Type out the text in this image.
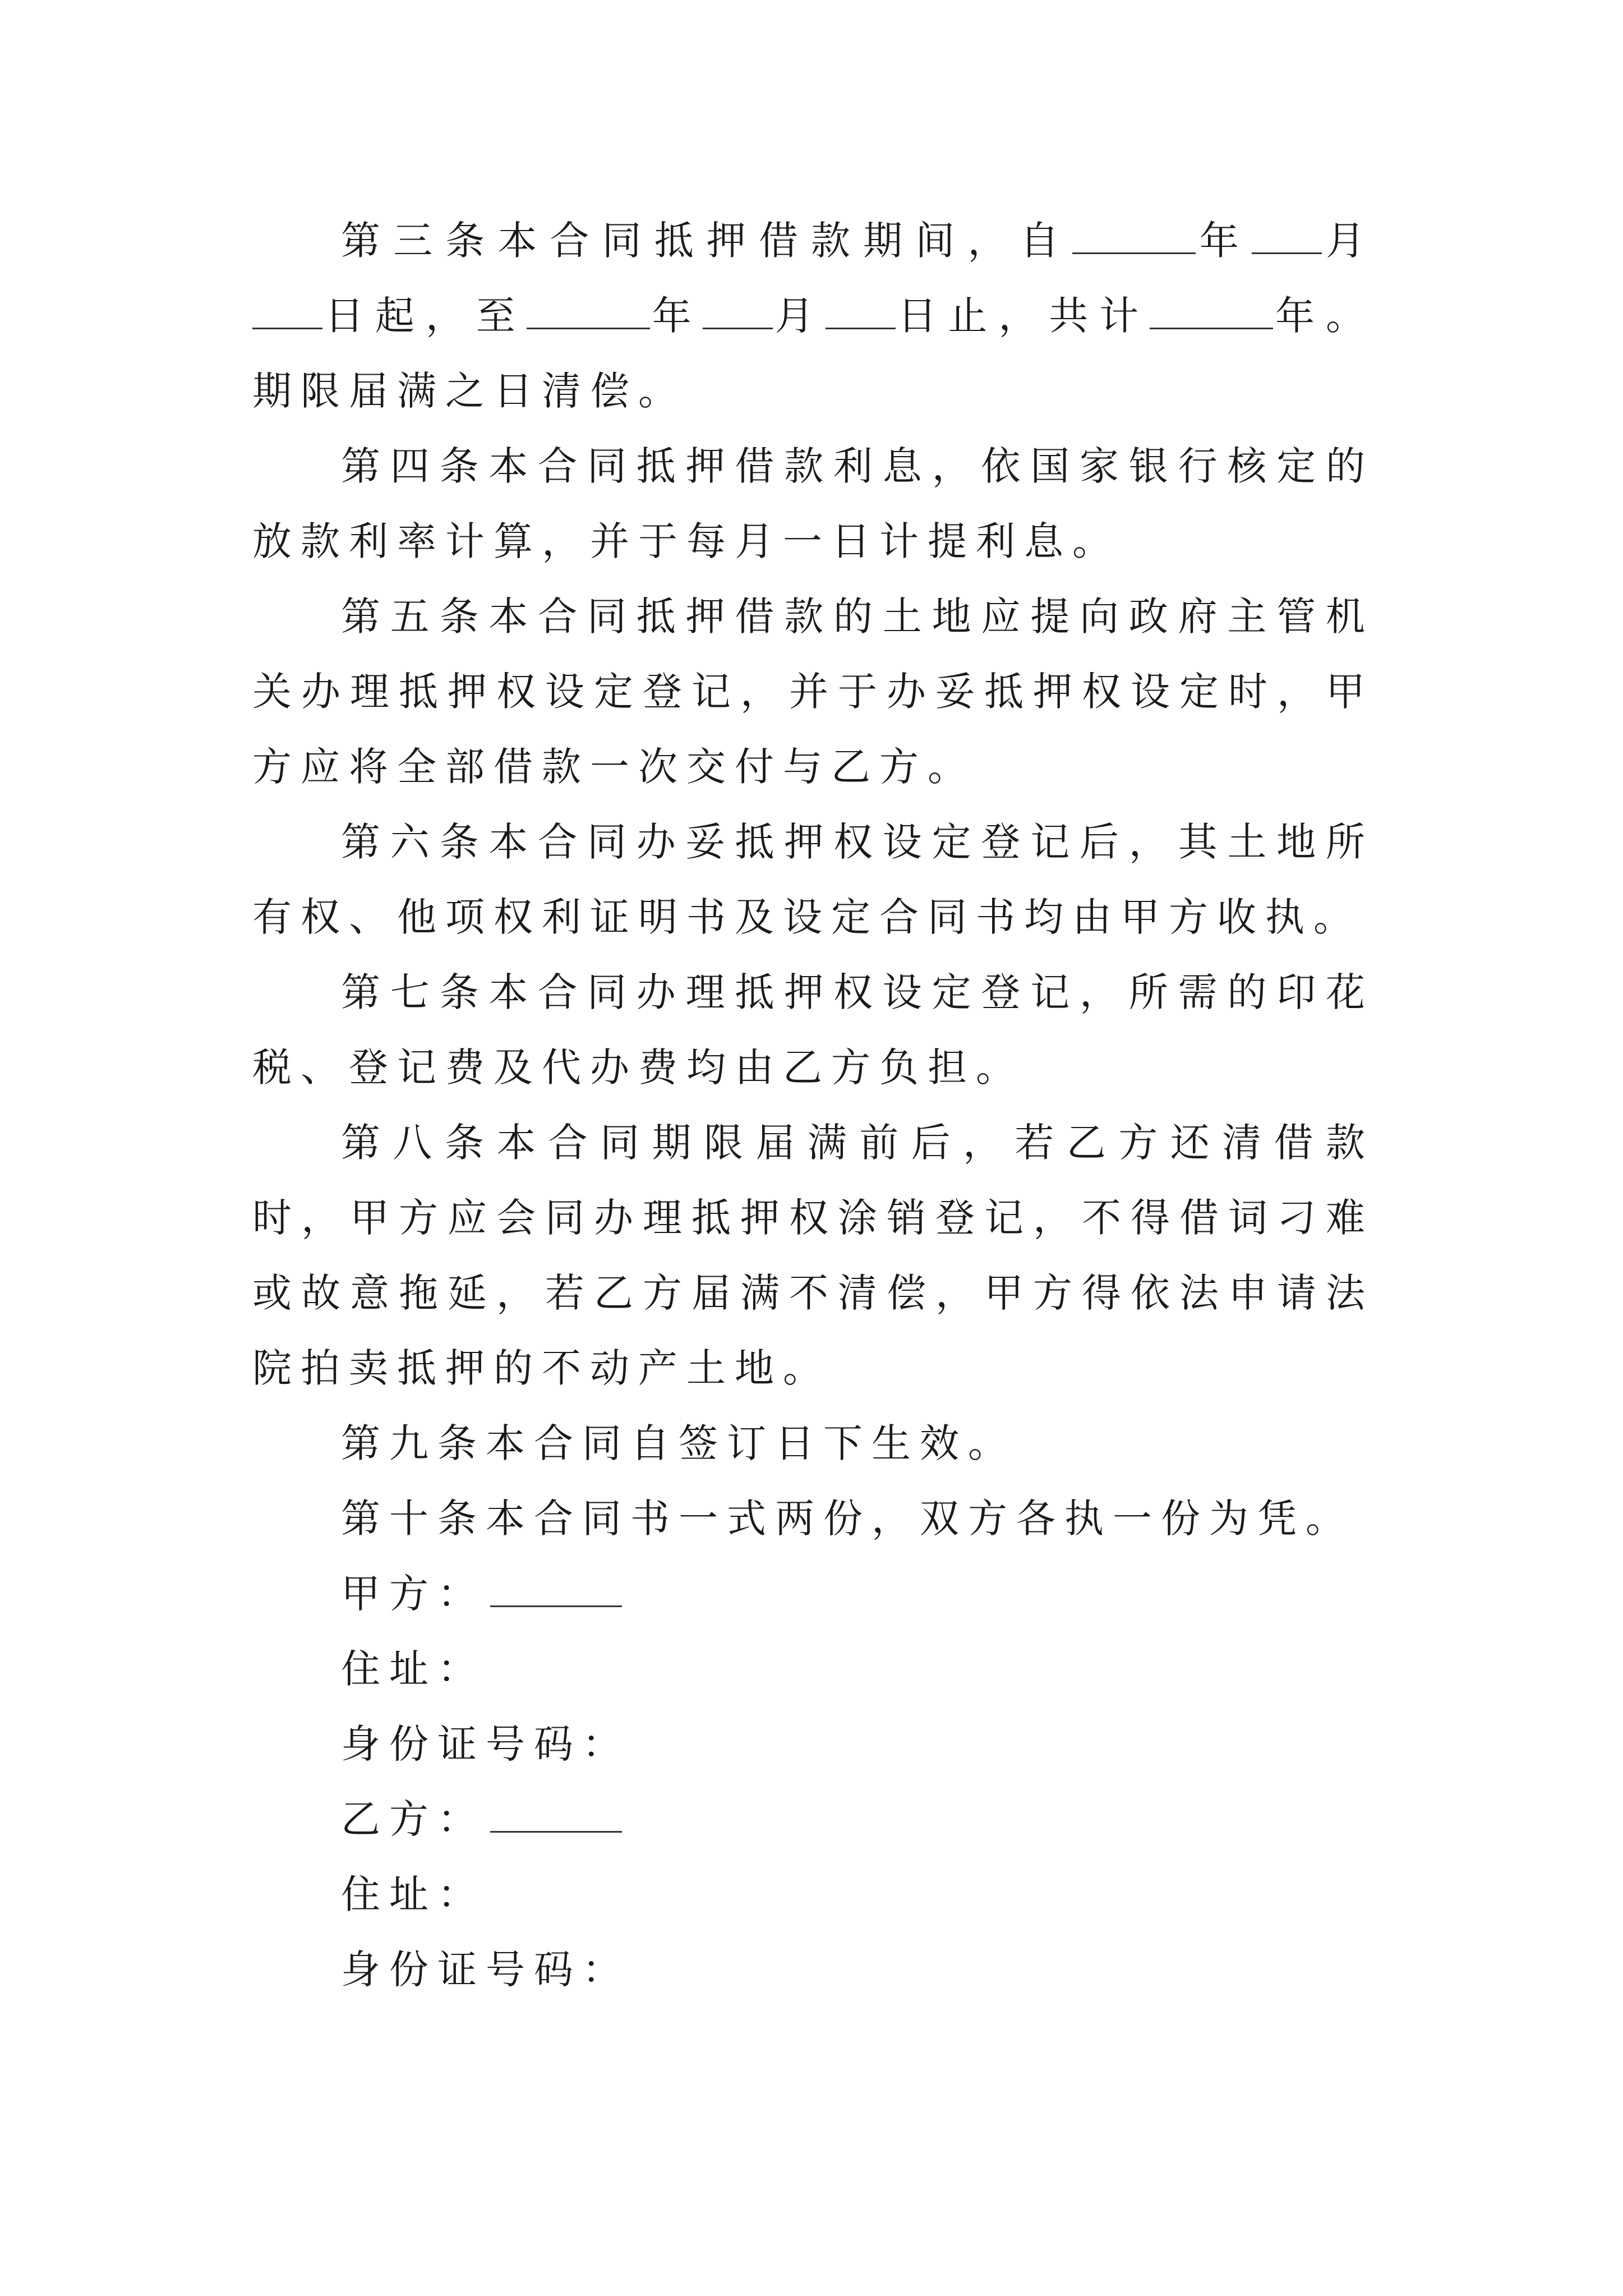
第三条本合同抵押借款期间，自	年 月日起，至	年 月 日止，共计	年。期限届满之日清偿。

第四条本合同抵押借款利息，依国家银行核定的放款利率计算，并于每月一日计提利息。

第五条本合同抵押借款的土地应提向政府主管机关办理抵押权设定登记，并于办妥抵押权设定时，甲方应将全部借款一次交付与乙方。

第六条本合同办妥抵押权设定登记后，其土地所有权、他项权利证明书及设定合同书均由甲方收执。

第七条本合同办理抵押权设定登记，所需的印花税、登记费及代办费均由乙方负担。

第八条本合同期限届满前后，若乙方还清借款时，甲方应会同办理抵押权涂销登记，不得借词刁难或故意拖延，若乙方届满不清偿，甲方得依法申请法院拍卖抵押的不动产土地。

第九条本合同自签订日下生效。

第十条本合同书一式两份，双方各执一份为凭。

甲方：

住址：

身份证号码：

乙方：

住址：

身份证号码：
